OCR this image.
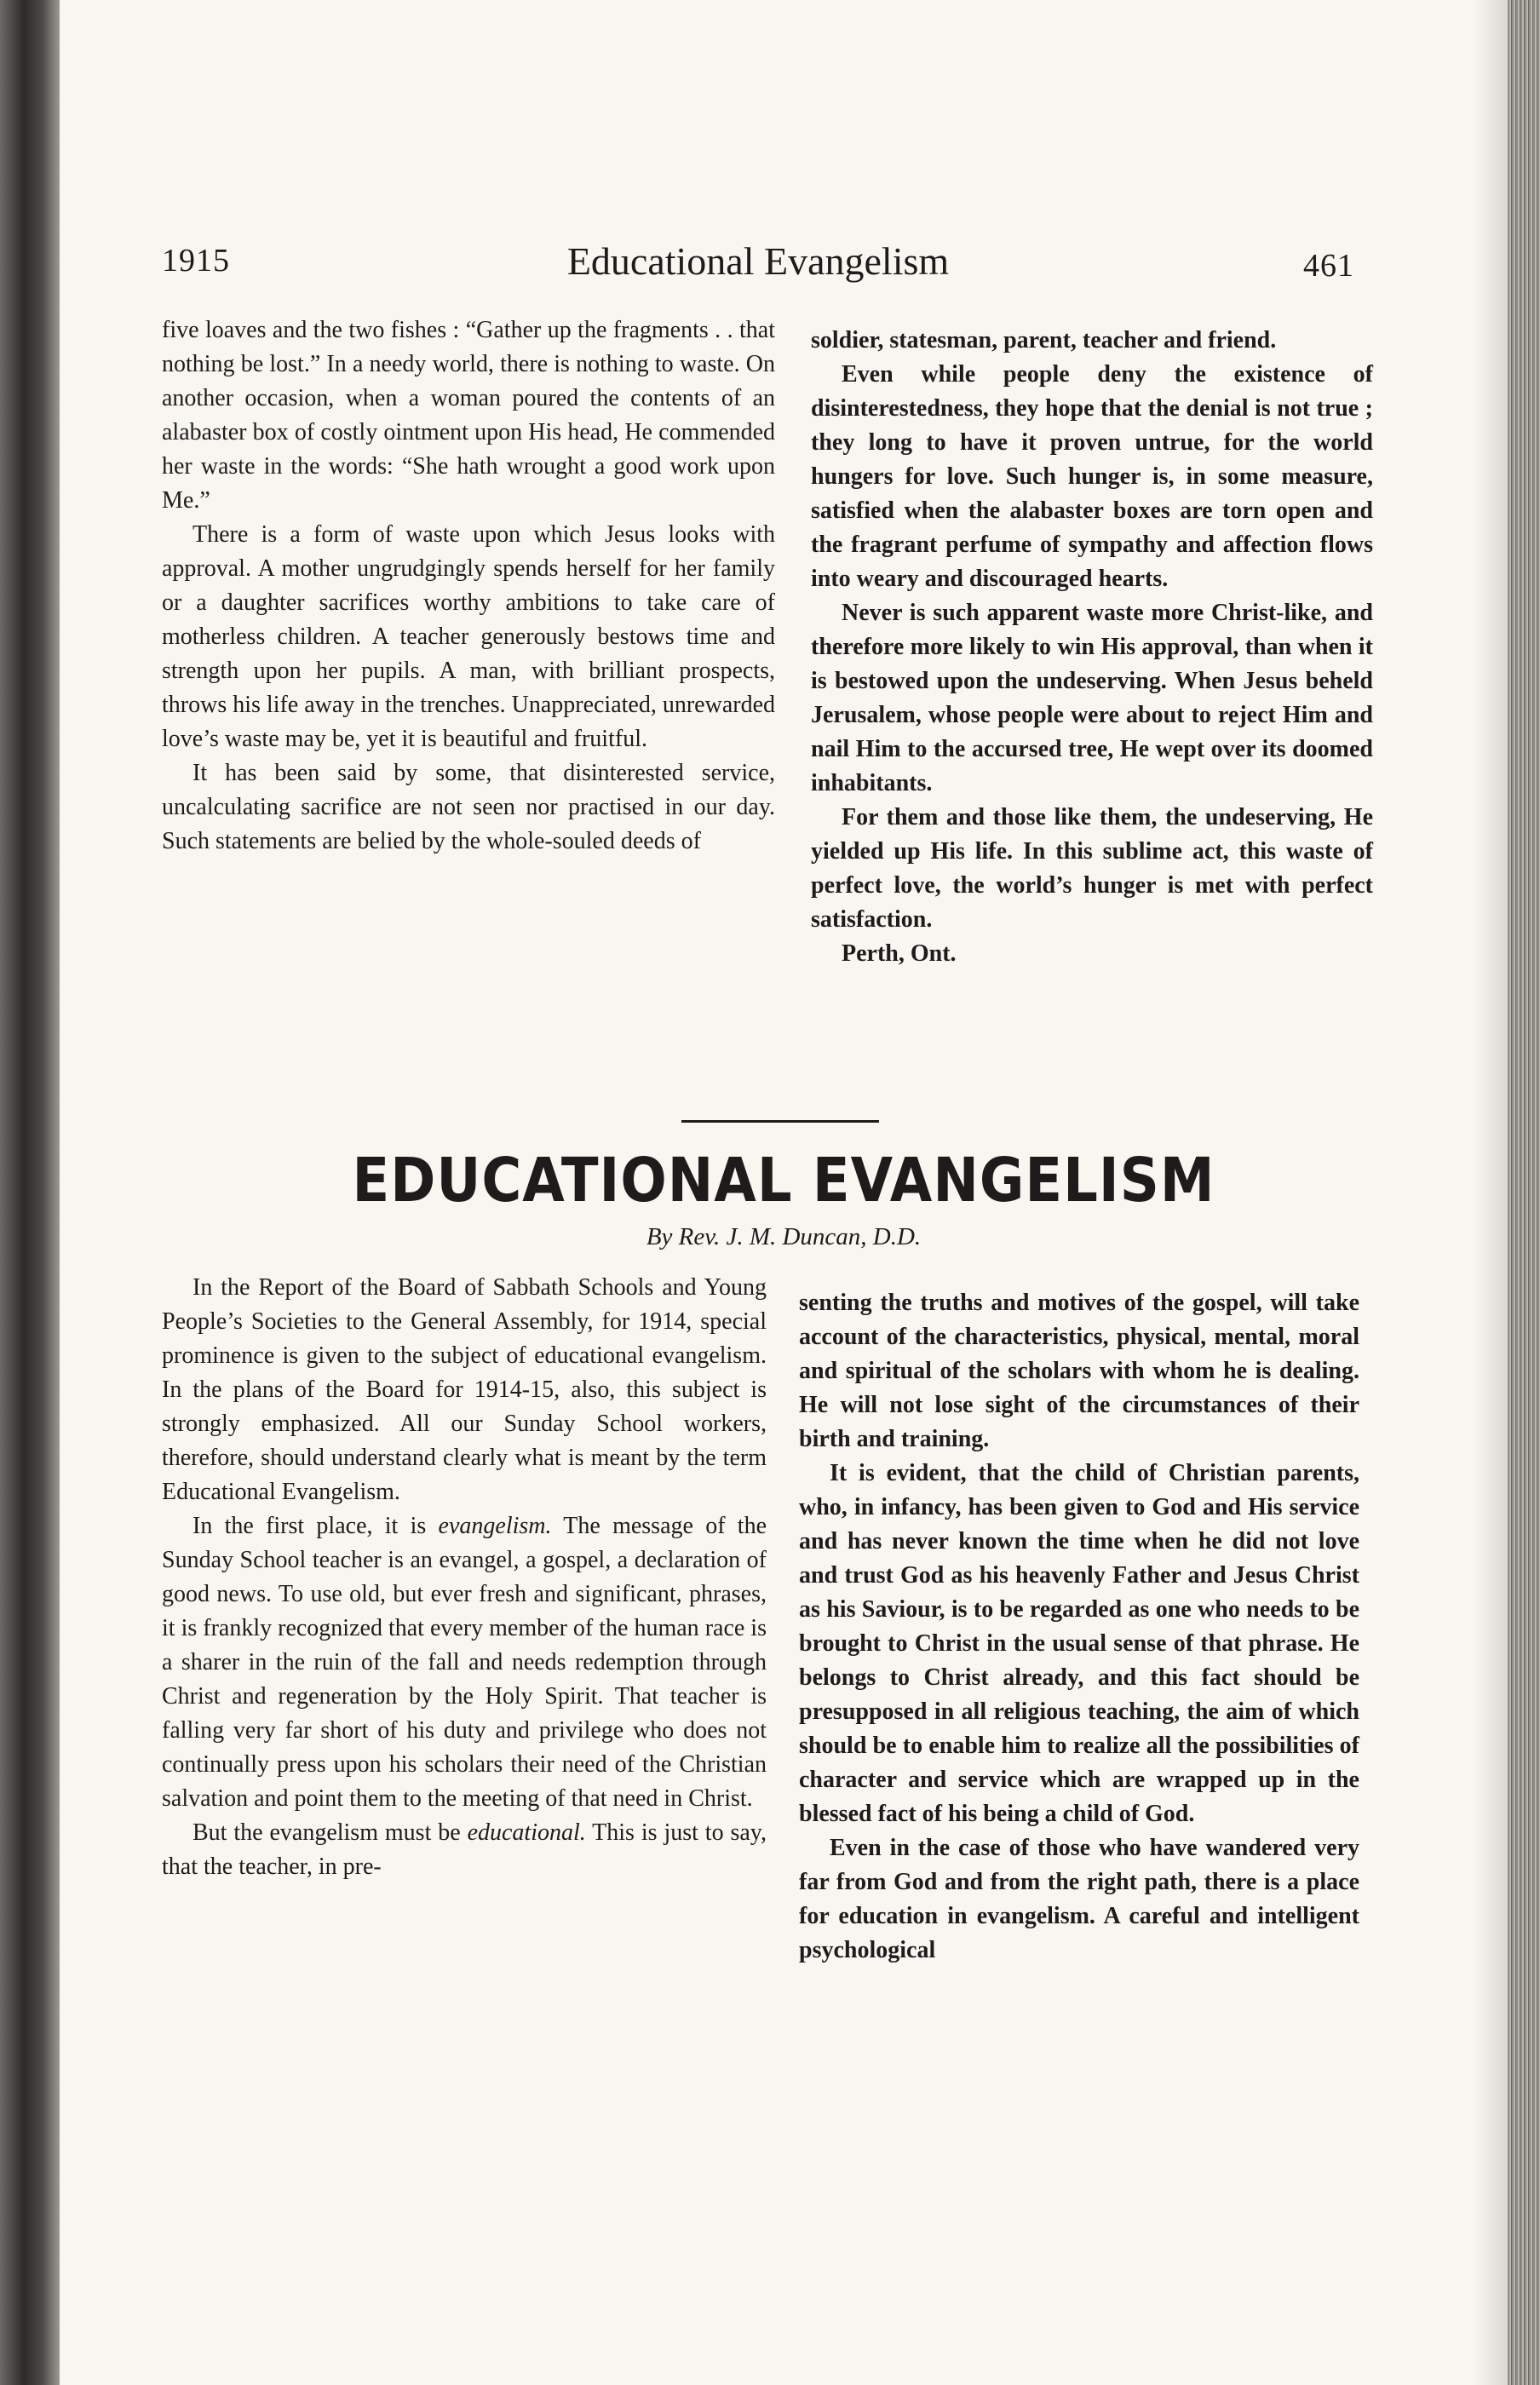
1915	Educational Evangelism	461

five loaves and the two fishes : “Gather up the fragments . . that nothing be lost.” In a needy world, there is nothing to waste. On another occasion, when a woman poured the contents of an alabaster box of costly ointment upon His head, He commended her waste in the words: “She hath wrought a good work upon Me.”

There is a form of waste upon which Jesus looks with approval. A mother ungrudgingly spends herself for her family or a daughter sacrifices worthy ambitions to take care of motherless children. A teacher generously bestows time and strength upon her pupils. A man, with brilliant prospects, throws his life away in the trenches. Unappreciated, unrewarded love’s waste may be, yet it is beautiful and fruitful.

It has been said by some, that disinterested service, uncalculating sacrifice are not seen nor practised in our day. Such statements are belied by the whole-souled deeds of

soldier, statesman, parent, teacher and friend.

Even while people deny the existence of disinterestedness, they hope that the denial is not true ; they long to have it proven untrue, for the world hungers for love. Such hunger is, in some measure, satisfied when the alabaster boxes are torn open and the fragrant perfume of sympathy and affection flows into weary and discouraged hearts.

Never is such apparent waste more Christ-like, and therefore more likely to win His approval, than when it is bestowed upon the undeserving. When Jesus beheld Jerusalem, whose people were about to reject Him and nail Him to the accursed tree, He wept over its doomed inhabitants.

For them and those like them, the undeserving, He yielded up His life. In this sublime act, this waste of perfect love, the world’s hunger is met with perfect satisfaction.

Perth, Ont.

EDUCATIONAL EVANGELISM
By Rev. J. M. Duncan, D.D.

In the Report of the Board of Sabbath Schools and Young People’s Societies to the General Assembly, for 1914, special prominence is given to the subject of educational evangelism. In the plans of the Board for 1914-15, also, this subject is strongly emphasized. All our Sunday School workers, therefore, should understand clearly what is meant by the term Educational Evangelism.

In the first place, it is evangelism. The message of the Sunday School teacher is an evangel, a gospel, a declaration of good news. To use old, but ever fresh and significant, phrases, it is frankly recognized that every member of the human race is a sharer in the ruin of the fall and needs redemption through Christ and regeneration by the Holy Spirit. That teacher is falling very far short of his duty and privilege who does not continually press upon his scholars their need of the Christian salvation and point them to the meeting of that need in Christ.

But the evangelism must be educational. This is just to say, that the teacher, in pre-

senting the truths and motives of the gospel, will take account of the characteristics, physical, mental, moral and spiritual of the scholars with whom he is dealing. He will not lose sight of the circumstances of their birth and training.

It is evident, that the child of Christian parents, who, in infancy, has been given to God and His service and has never known the time when he did not love and trust God as his heavenly Father and Jesus Christ as his Saviour, is to be regarded as one who needs to be brought to Christ in the usual sense of that phrase. He belongs to Christ already, and this fact should be presupposed in all religious teaching, the aim of which should be to enable him to realize all the possibilities of character and service which are wrapped up in the blessed fact of his being a child of God.

Even in the case of those who have wandered very far from God and from the right path, there is a place for education in evangelism. A careful and intelligent psychological
